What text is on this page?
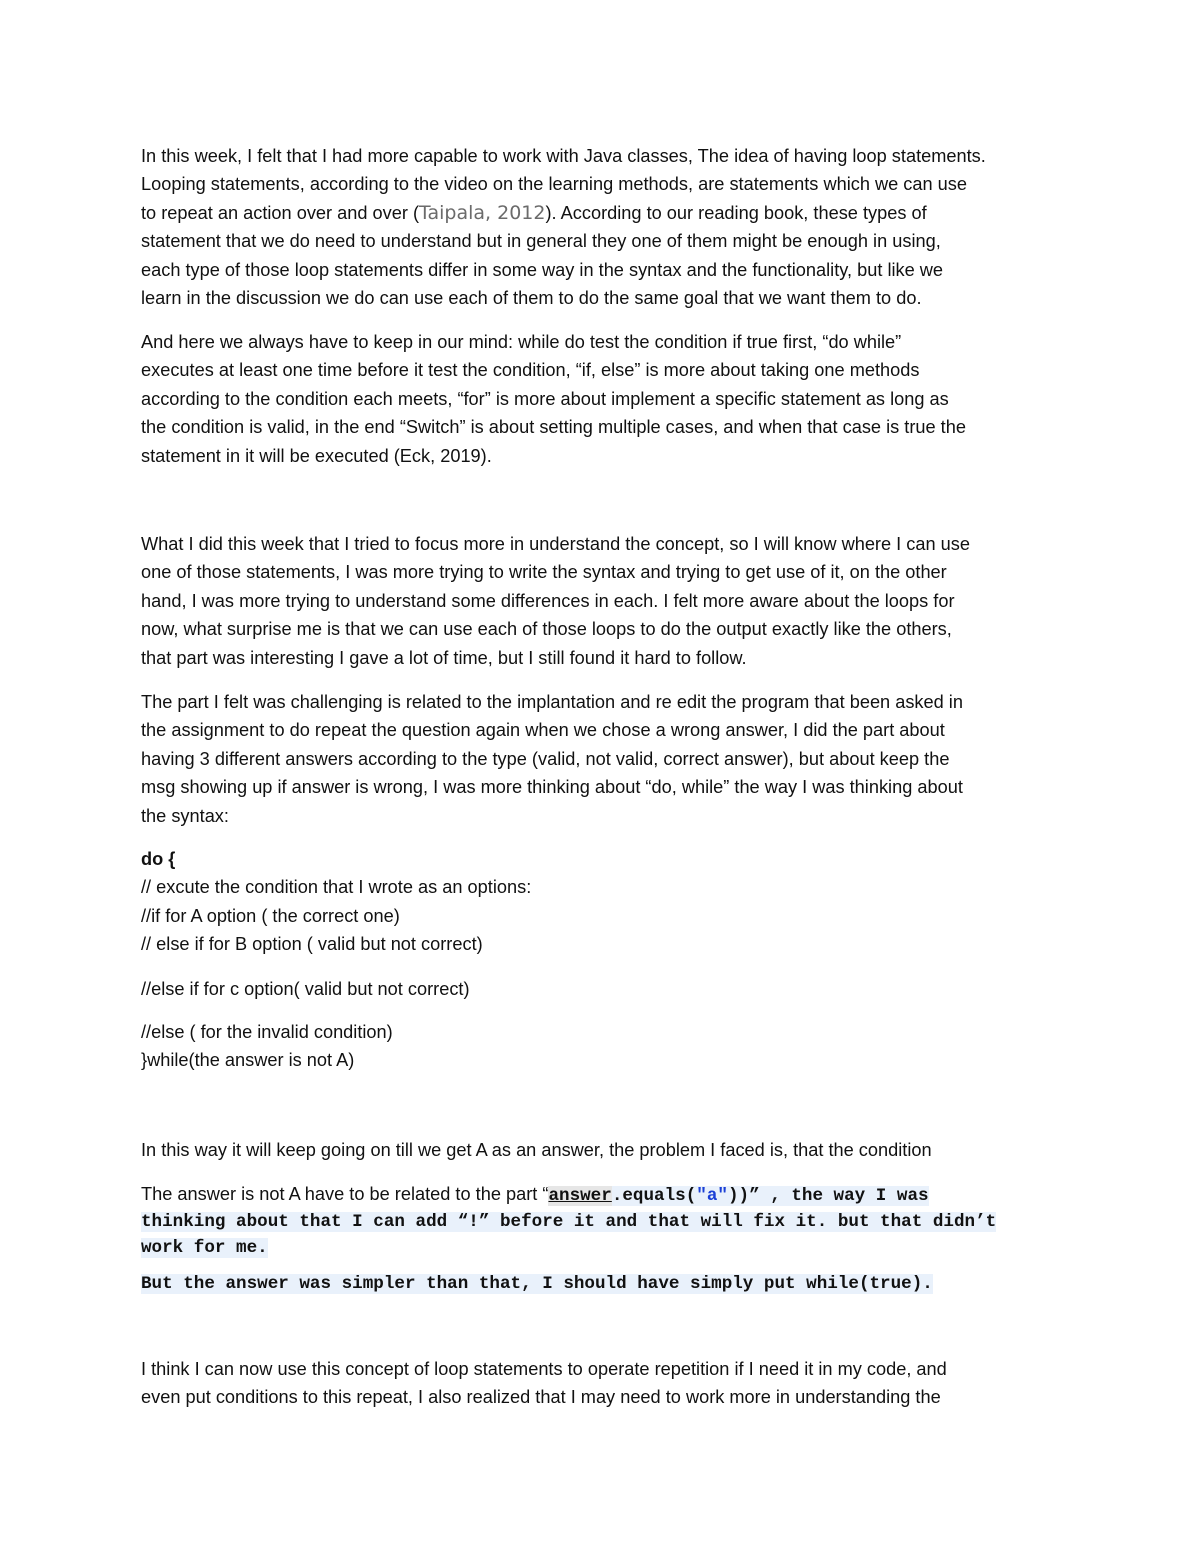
In this week, I felt that I had more capable to work with Java classes, The idea of having loop statements.
Looping statements, according to the video on the learning methods, are statements which we can use
to repeat an action over and over (Taipala, 2012). According to our reading book, these types of
statement that we do need to understand but in general they one of them might be enough in using,
each type of those loop statements differ in some way in the syntax and the functionality, but like we
learn in the discussion we do can use each of them to do the same goal that we want them to do.
And here we always have to keep in our mind: while do test the condition if true first, “do while”
executes at least one time before it test the condition, “if, else” is more about taking one methods
according to the condition each meets, “for” is more about implement a specific statement as long as
the condition is valid, in the end “Switch” is about setting multiple cases, and when that case is true the
statement in it will be executed (Eck, 2019).
What I did this week that I tried to focus more in understand the concept, so I will know where I can use
one of those statements, I was more trying to write the syntax and trying to get use of it, on the other
hand, I was more trying to understand some differences in each. I felt more aware about the loops for
now, what surprise me is that we can use each of those loops to do the output exactly like the others,
that part was interesting I gave a lot of time, but I still found it hard to follow.
The part I felt was challenging is related to the implantation and re edit the program that been asked in
the assignment to do repeat the question again when we chose a wrong answer, I did the part about
having 3 different answers according to the type (valid, not valid, correct answer), but about keep the
msg showing up if answer is wrong, I was more thinking about “do, while” the way I was thinking about
the syntax:
do {
// excute the condition that I wrote as an options:
//if for A option ( the correct one)
// else if for B option ( valid but not correct)
//else if for c option( valid but not correct)
//else ( for the invalid condition)
}while(the answer is not A)
In this way it will keep going on till we get A as an answer, the problem I faced is, that the condition
The answer is not A have to be related to the part “answer.equals("a"))” , the way I was
thinking about that I can add “!” before it and that will fix it. but that didn’t
work for me.
But the answer was simpler than that, I should have simply put while(true).
I think I can now use this concept of loop statements to operate repetition if I need it in my code, and
even put conditions to this repeat, I also realized that I may need to work more in understanding the
